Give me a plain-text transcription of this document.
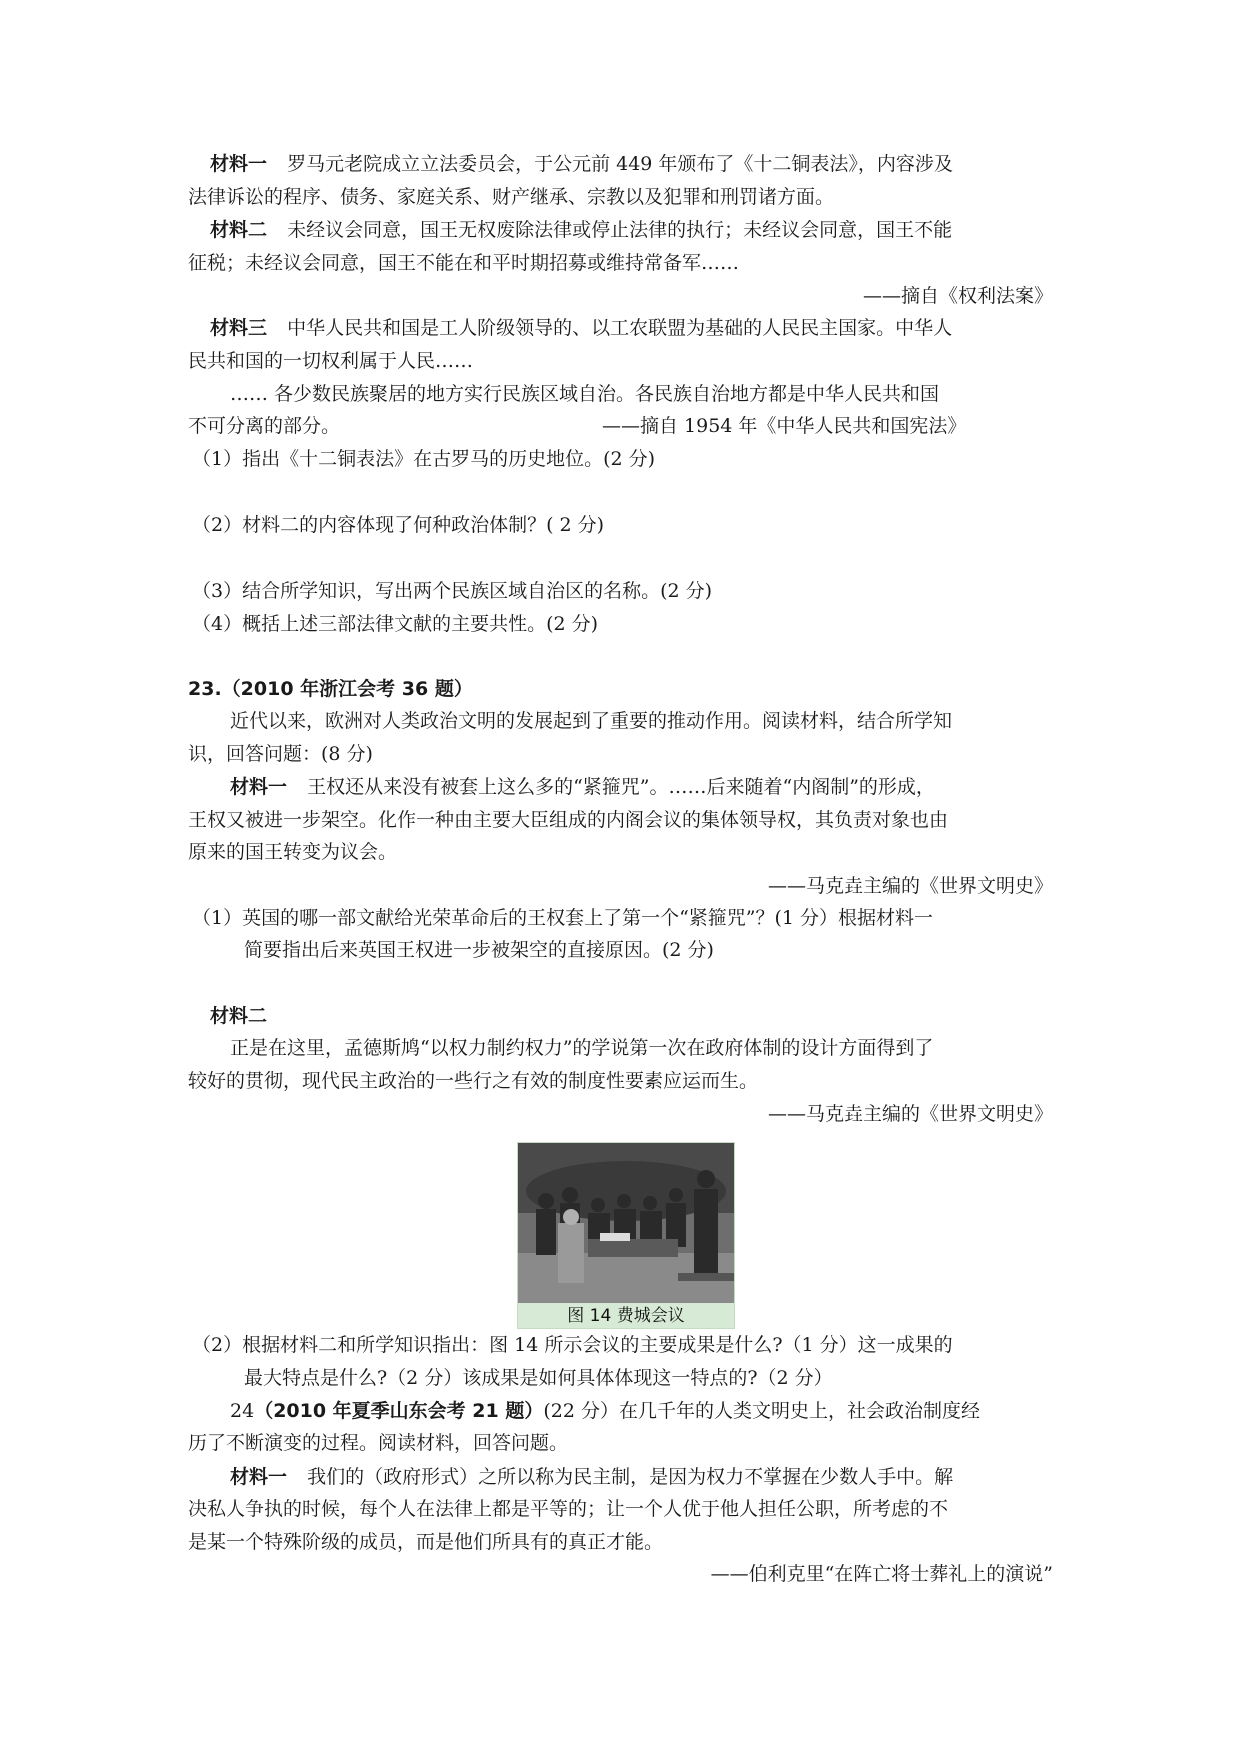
材料一 罗马元老院成立立法委员会，于公元前 449 年颁布了《十二铜表法》，内容涉及
法律诉讼的程序、债务、家庭关系、财产继承、宗教以及犯罪和刑罚诸方面。
材料二 未经议会同意，国王无权废除法律或停止法律的执行；未经议会同意，国王不能
征税；未经议会同意，国王不能在和平时期招募或维持常备军……
——摘自《权利法案》
材料三 中华人民共和国是工人阶级领导的、以工农联盟为基础的人民民主国家。中华人
民共和国的一切权利属于人民……
…… 各少数民族聚居的地方实行民族区域自治。各民族自治地方都是中华人民共和国
不可分离的部分。	——摘自 1954 年《中华人民共和国宪法》
（1）指出《十二铜表法》在古罗马的历史地位。(2 分)
（2）材料二的内容体现了何种政治体制？( 2 分)
（3）结合所学知识，写出两个民族区域自治区的名称。(2 分)
（4）概括上述三部法律文献的主要共性。(2 分)
23.（2010 年浙江会考 36 题）
近代以来，欧洲对人类政治文明的发展起到了重要的推动作用。阅读材料，结合所学知
识，回答问题：(8 分)
材料一 王权还从来没有被套上这么多的“紧箍咒”。……后来随着“内阁制”的形成，
王权又被进一步架空。化作一种由主要大臣组成的内阁会议的集体领导权，其负责对象也由
原来的国王转变为议会。
——马克垚主编的《世界文明史》
（1）英国的哪一部文献给光荣革命后的王权套上了第一个“紧箍咒”？(1 分）根据材料一
简要指出后来英国王权进一步被架空的直接原因。(2 分)
材料二
正是在这里，孟德斯鸠“以权力制约权力”的学说第一次在政府体制的设计方面得到了
较好的贯彻，现代民主政治的一些行之有效的制度性要素应运而生。
——马克垚主编的《世界文明史》
图 14 费城会议
（2）根据材料二和所学知识指出：图 14 所示会议的主要成果是什么?（1 分）这一成果的
最大特点是什么?（2 分）该成果是如何具体体现这一特点的?（2 分）
24（2010 年夏季山东会考 21 题）(22 分）在几千年的人类文明史上，社会政治制度经
历了不断演变的过程。阅读材料，回答问题。
材料一 我们的（政府形式）之所以称为民主制，是因为权力不掌握在少数人手中。解
决私人争执的时候，每个人在法律上都是平等的；让一个人优于他人担任公职，所考虑的不
是某一个特殊阶级的成员，而是他们所具有的真正才能。
——伯利克里“在阵亡将士葬礼上的演说”
